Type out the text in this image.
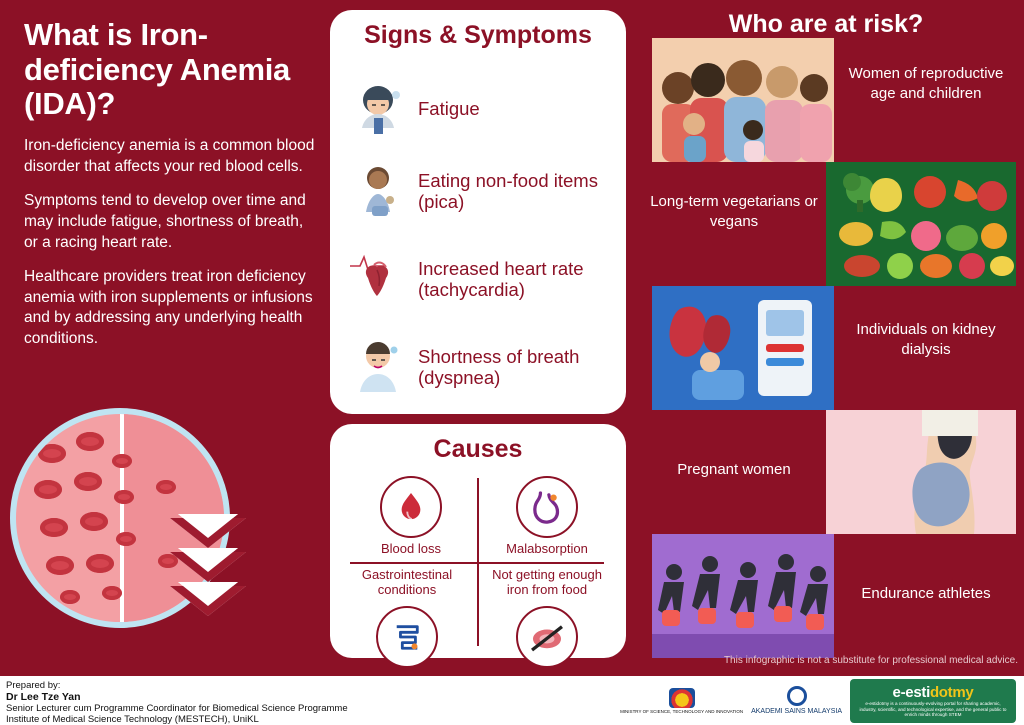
What is Iron-deficiency Anemia (IDA)?
Iron-deficiency anemia is a common blood disorder that affects your red blood cells.
Symptoms tend to develop over time and may include fatigue, shortness of breath, or a racing heart rate.
Healthcare providers treat iron deficiency anemia with iron supplements or infusions and by addressing any underlying health conditions.
Signs & Symptoms
Fatigue
Eating non-food items (pica)
Increased heart rate (tachycardia)
Shortness of breath (dyspnea)
Causes
Blood loss	Malabsorption
Gastrointestinal conditions
Not getting enough iron from food
Who are at risk?
Women of reproductive age and children
Long-term vegetarians or vegans
Individuals on kidney dialysis
Pregnant women
Endurance athletes
This infographic is not a substitute for professional medical advice.
Prepared by:
Dr Lee Tze Yan
Senior Lecturer cum Programme Coordinator for Biomedical Science Programme
Institute of Medical Science Technology (MESTECH), UniKL
MINISTRY OF SCIENCE, TECHNOLOGY AND INNOVATION AKADEMI SAINS MALAYSIA
e-estidotmy
e-estidotmy is a continuously-evolving portal for sharing academic, industry, scientific, and technological expertise, and the general public to enrich minds through STEM
